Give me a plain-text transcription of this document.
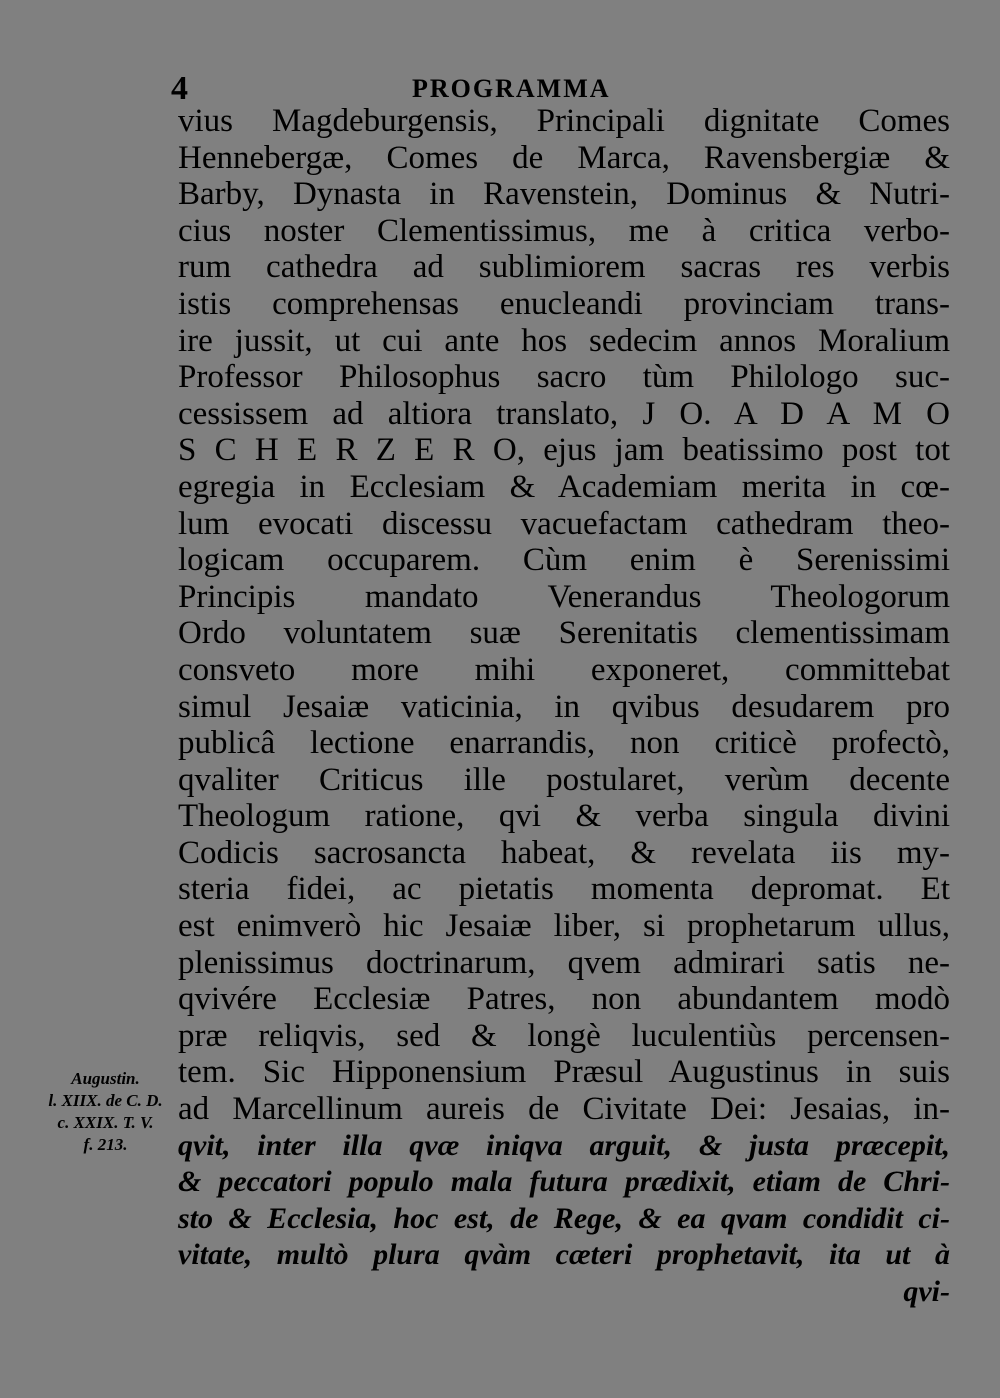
4	PROGRAMMA
vius Magdeburgensis, Principali dignitate Comes
Hennebergæ, Comes de Marca, Ravensbergiæ &
Barby, Dynasta in Ravenstein, Dominus & Nutri-
cius noster Clementissimus, me à critica verbo-
rum cathedra ad sublimiorem sacras res verbis
istis comprehensas enucleandi provinciam trans-
ire jussit, ut cui ante hos sedecim annos Moralium
Professor Philosophus sacro tùm Philologo suc-
cessissem ad altiora translato, J O. A D A M O
S C H E R Z E R O, ejus jam beatissimo post tot
egregia in Ecclesiam & Academiam merita in cœ-
lum evocati discessu vacuefactam cathedram theo-
logicam occuparem. Cùm enim è Serenissimi
Principis mandato Venerandus Theologorum
Ordo voluntatem suæ Serenitatis clementissimam
consveto more mihi exponeret, committebat
simul Jesaiæ vaticinia, in qvibus desudarem pro
publicâ lectione enarrandis, non criticè profectò,
qvaliter Criticus ille postularet, verùm decente
Theologum ratione, qvi & verba singula divini
Codicis sacrosancta habeat, & revelata iis my-
steria fidei, ac pietatis momenta depromat. Et
est enimverò hic Jesaiæ liber, si prophetarum ullus,
plenissimus doctrinarum, qvem admirari satis ne-
qvivére Ecclesiæ Patres, non abundantem modò
præ reliqvis, sed & longè luculentiùs percensen-
tem. Sic Hipponensium Præsul Augustinus in suis
ad Marcellinum aureis de Civitate Dei: Jesaias, in-
qvit, inter illa qvæ iniqva arguit, & justa præcepit,
& peccatori populo mala futura prædixit, etiam de Chri-
sto & Ecclesia, hoc est, de Rege, & ea qvam condidit ci-
vitate, multò plura qvàm cæteri prophetavit, ita ut à
qvi-
Augustin.
l. XIIX. de C. D.
c. XXIX. T. V.
f. 213.
